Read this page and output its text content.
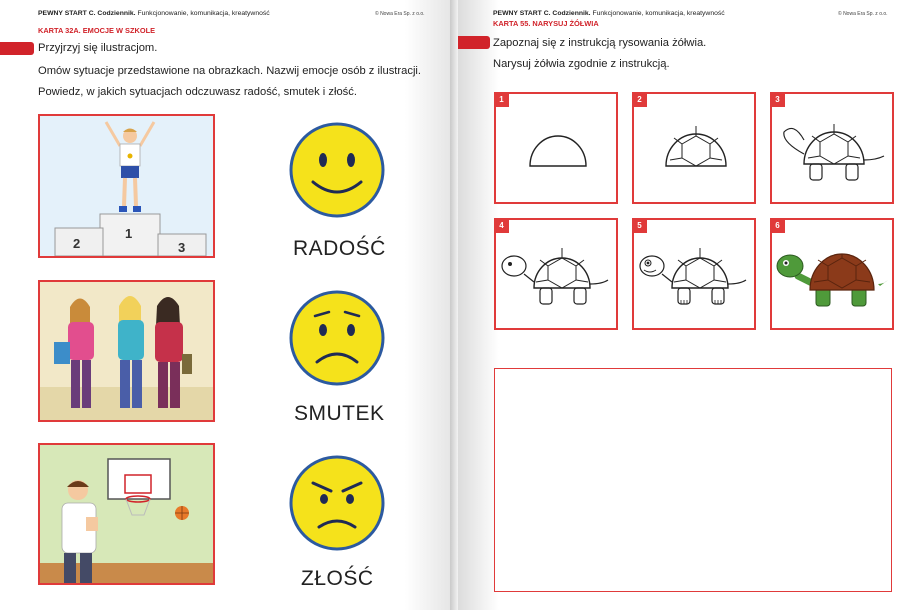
PEWNY START C. Codziennik. Funkcjonowanie, komunikacja, kreatywność	© Nowa Era Sp. z o.o.
KARTA 32A. EMOCJE W SZKOLE
Przyjrzyj się ilustracjom.
Omów sytuacje przedstawione na obrazkach. Nazwij emocje osób z ilustracji.
Powiedz, w jakich sytuacjach odczuwasz radość, smutek i złość.
1
2	3	RADOŚĆ
SMUTEK
ZŁOŚĆ
PEWNY START C. Codziennik. Funkcjonowanie, komunikacja, kreatywność	© Nowa Era Sp. z o.o.
KARTA 55. NARYSUJ ŻÓŁWIA
Zapoznaj się z instrukcją rysowania żółwia.
Narysuj żółwia zgodnie z instrukcją.
1	2	3
4	5	6
